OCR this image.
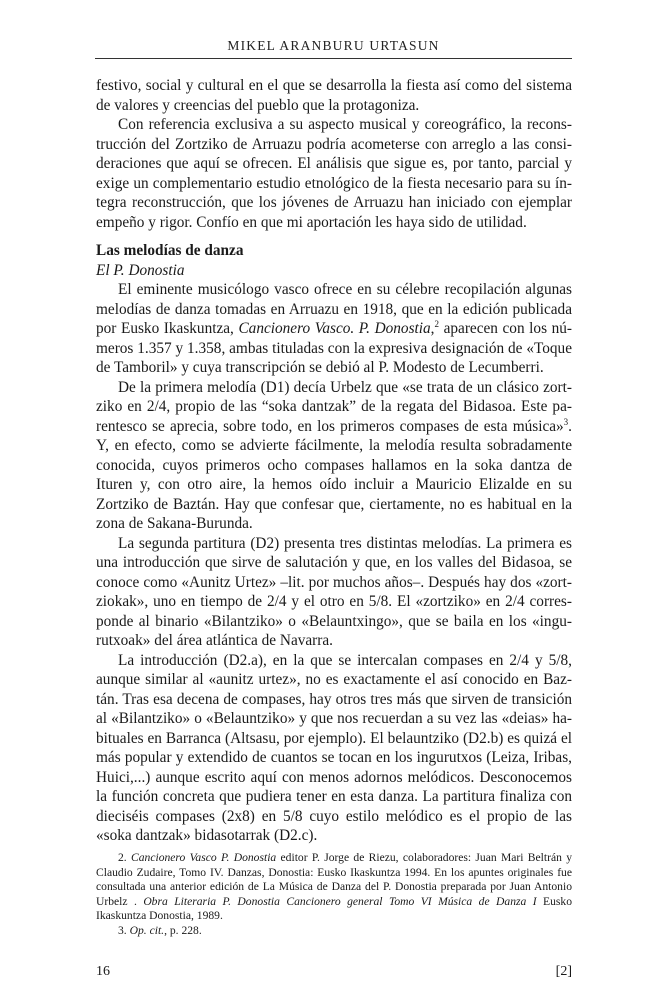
MIKEL ARANBURU URTASUN

festivo, social y cultural en el que se desarrolla la fiesta así como del sistema de valores y creencias del pueblo que la protagoniza.

Con referencia exclusiva a su aspecto musical y coreográfico, la reconstrucción del Zortziko de Arruazu podría acometerse con arreglo a las consideraciones que aquí se ofrecen. El análisis que sigue es, por tanto, parcial y exige un complementario estudio etnológico de la fiesta necesario para su íntegra reconstrucción, que los jóvenes de Arruazu han iniciado con ejemplar empeño y rigor. Confío en que mi aportación les haya sido de utilidad.

Las melodías de danza
El P. Donostia

El eminente musicólogo vasco ofrece en su célebre recopilación algunas melodías de danza tomadas en Arruazu en 1918, que en la edición publicada por Eusko Ikaskuntza, Cancionero Vasco. P. Donostia,$^2$ aparecen con los números 1.357 y 1.358, ambas tituladas con la expresiva designación de «Toque de Tamboril» y cuya transcripción se debió al P. Modesto de Lecumberri.

De la primera melodía (D1) decía Urbelz que «se trata de un clásico zortziko en 2/4, propio de las “soka dantzak” de la regata del Bidasoa. Este parentesco se aprecia, sobre todo, en los primeros compases de esta música»$^3$. Y, en efecto, como se advierte fácilmente, la melodía resulta sobradamente conocida, cuyos primeros ocho compases hallamos en la soka dantza de Ituren y, con otro aire, la hemos oído incluir a Mauricio Elizalde en su Zortziko de Baztán. Hay que confesar que, ciertamente, no es habitual en la zona de Sakana-Burunda.

La segunda partitura (D2) presenta tres distintas melodías. La primera es una introducción que sirve de salutación y que, en los valles del Bidasoa, se conoce como «Aunitz Urtez» –lit. por muchos años–. Después hay dos «zortziokak», uno en tiempo de 2/4 y el otro en 5/8. El «zortziko» en 2/4 corresponde al binario «Bilantziko» o «Belauntxingo», que se baila en los «ingurutxoak» del área atlántica de Navarra.

La introducción (D2.a), en la que se intercalan compases en 2/4 y 5/8, aunque similar al «aunitz urtez», no es exactamente el así conocido en Baztán. Tras esa decena de compases, hay otros tres más que sirven de transición al «Bilantziko» o «Belauntziko» y que nos recuerdan a su vez las «deias» habituales en Barranca (Altsasu, por ejemplo). El belauntziko (D2.b) es quizá el más popular y extendido de cuantos se tocan en los ingurutxos (Leiza, Iribas, Huici,...) aunque escrito aquí con menos adornos melódicos. Desconocemos la función concreta que pudiera tener en esta danza. La partitura finaliza con dieciséis compases (2x8) en 5/8 cuyo estilo melódico es el propio de las «soka dantzak» bidasotarrak (D2.c).

2. Cancionero Vasco P. Donostia editor P. Jorge de Riezu, colaboradores: Juan Mari Beltrán y Claudio Zudaire, Tomo IV. Danzas, Donostia: Eusko Ikaskuntza 1994. En los apuntes originales fue consultada una anterior edición de La Música de Danza del P. Donostia preparada por Juan Antonio Urbelz . Obra Literaria P. Donostia Cancionero general Tomo VI Música de Danza I Eusko Ikaskuntza Donostia, 1989.

3. Op. cit., p. 228.

16	[2]
